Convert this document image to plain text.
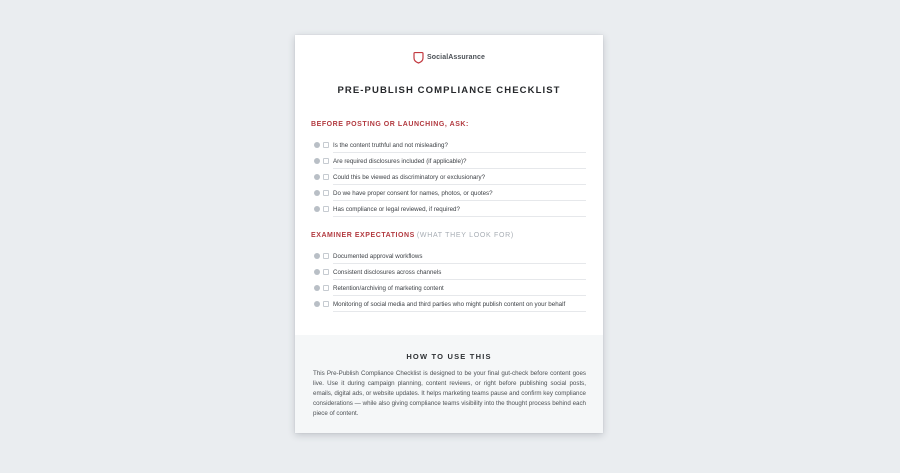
SocialAssurance
PRE-PUBLISH COMPLIANCE CHECKLIST
BEFORE POSTING OR LAUNCHING, ASK:
Is the content truthful and not misleading?
Are required disclosures included (if applicable)?
Could this be viewed as discriminatory or exclusionary?
Do we have proper consent for names, photos, or quotes?
Has compliance or legal reviewed, if required?
EXAMINER EXPECTATIONS (WHAT THEY LOOK FOR)
Documented approval workflows
Consistent disclosures across channels
Retention/archiving of marketing content
Monitoring of social media and third parties who might publish content on your behalf
HOW TO USE THIS

This Pre-Publish Compliance Checklist is designed to be your final gut-check before content goes live. Use it during campaign planning, content reviews, or right before publishing social posts, emails, digital ads, or website updates. It helps marketing teams pause and confirm key compliance considerations — while also giving compliance teams visibility into the thought process behind each piece of content.
